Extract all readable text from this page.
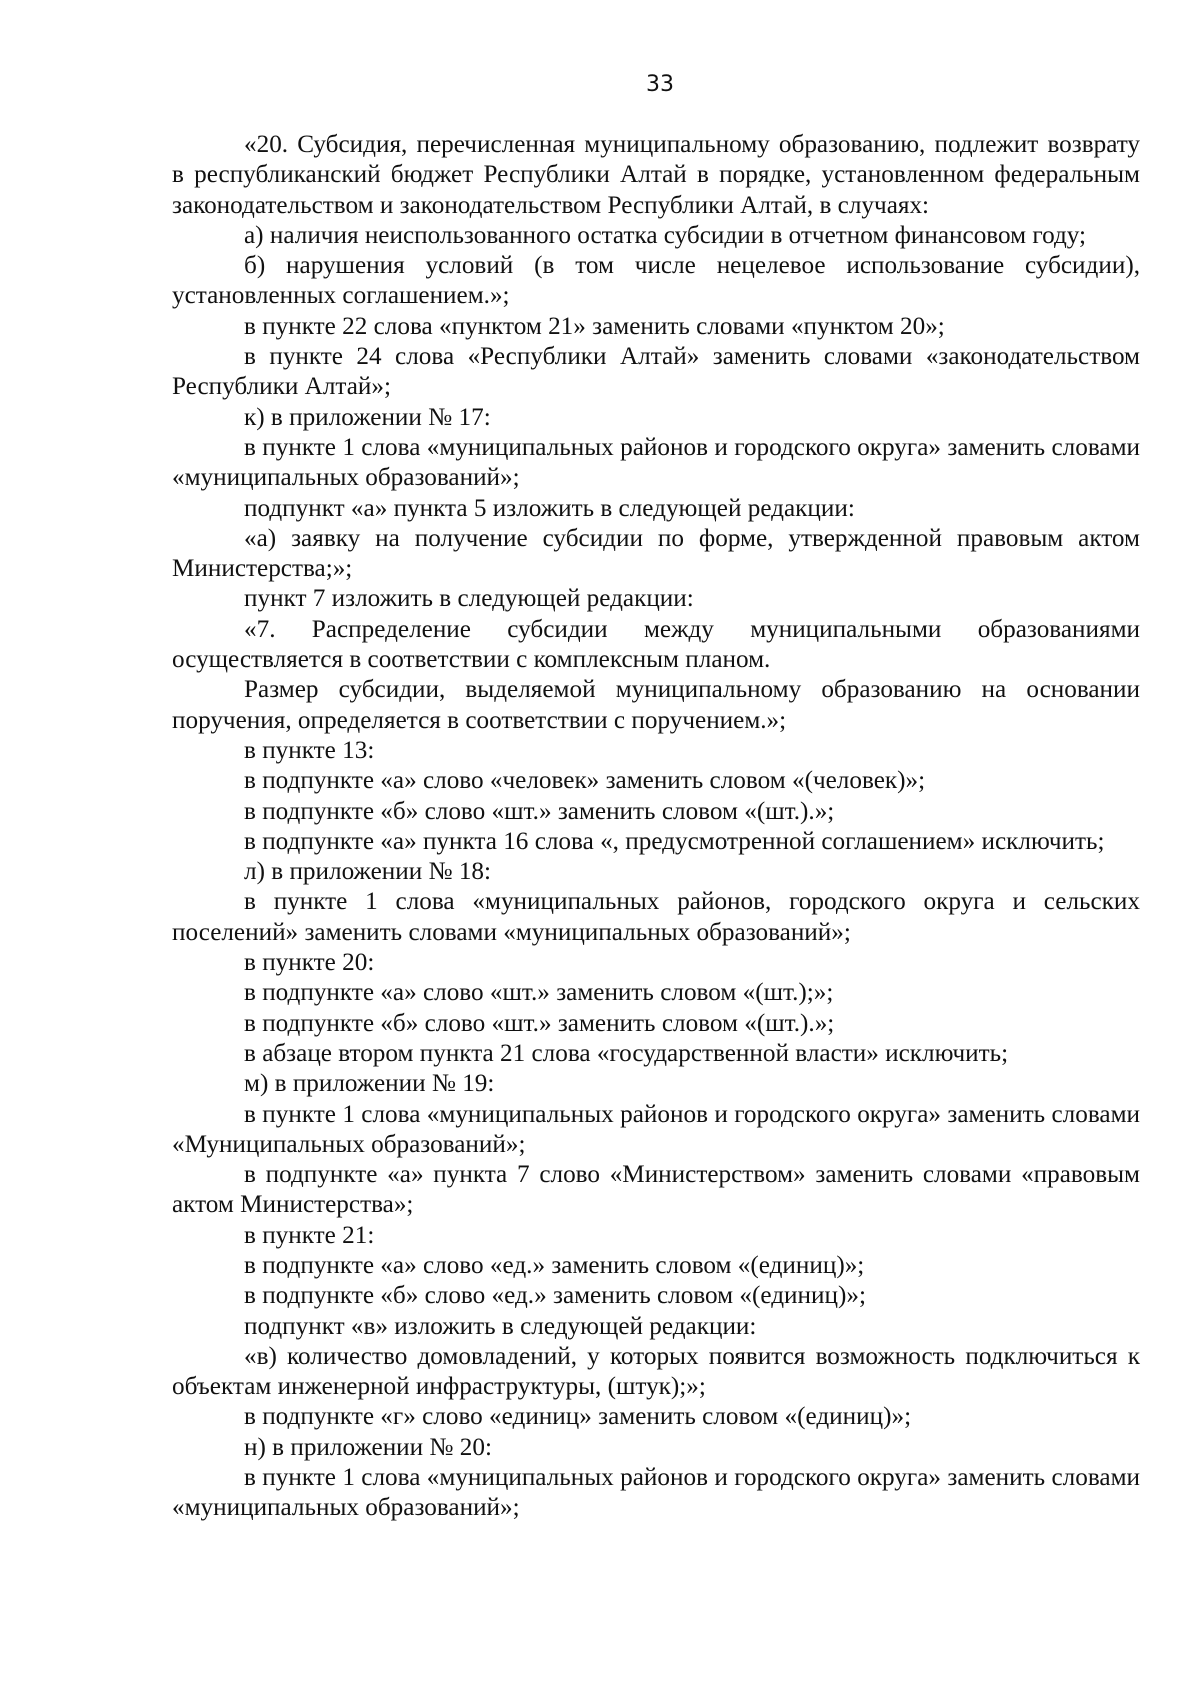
33

«20. Субсидия, перечисленная муниципальному образованию, подлежит возврату в республиканский бюджет Республики Алтай в порядке, установленном федеральным законодательством и законодательством Республики Алтай, в случаях:

а) наличия неиспользованного остатка субсидии в отчетном финансовом году;

б) нарушения условий (в том числе нецелевое использование субсидии), установленных соглашением.»;

в пункте 22 слова «пунктом 21» заменить словами «пунктом 20»;

в пункте 24 слова «Республики Алтай» заменить словами «законодательством Республики Алтай»;

к) в приложении № 17:

в пункте 1 слова «муниципальных районов и городского округа» заменить словами «муниципальных образований»;

подпункт «а» пункта 5 изложить в следующей редакции:

«а) заявку на получение субсидии по форме, утвержденной правовым актом Министерства;»;

пункт 7 изложить в следующей редакции:

«7. Распределение субсидии между муниципальными образованиями осуществляется в соответствии с комплексным планом.

Размер субсидии, выделяемой муниципальному образованию на основании поручения, определяется в соответствии с поручением.»;

в пункте 13:

в подпункте «а» слово «человек» заменить словом «(человек)»;

в подпункте «б» слово «шт.» заменить словом «(шт.).»;

в подпункте «а» пункта 16 слова «, предусмотренной соглашением» исключить;

л) в приложении № 18:

в пункте 1 слова «муниципальных районов, городского округа и сельских поселений» заменить словами «муниципальных образований»;

в пункте 20:

в подпункте «а» слово «шт.» заменить словом «(шт.);»;

в подпункте «б» слово «шт.» заменить словом «(шт.).»;

в абзаце втором пункта 21 слова «государственной власти» исключить;

м) в приложении № 19:

в пункте 1 слова «муниципальных районов и городского округа» заменить словами «Муниципальных образований»;

в подпункте «а» пункта 7 слово «Министерством» заменить словами «правовым актом Министерства»;

в пункте 21:

в подпункте «а» слово «ед.» заменить словом «(единиц)»;

в подпункте «б» слово «ед.» заменить словом «(единиц)»;

подпункт «в» изложить в следующей редакции:

«в) количество домовладений, у которых появится возможность подключиться к объектам инженерной инфраструктуры, (штук);»;

в подпункте «г» слово «единиц» заменить словом «(единиц)»;

н) в приложении № 20:

в пункте 1 слова «муниципальных районов и городского округа» заменить словами «муниципальных образований»;
